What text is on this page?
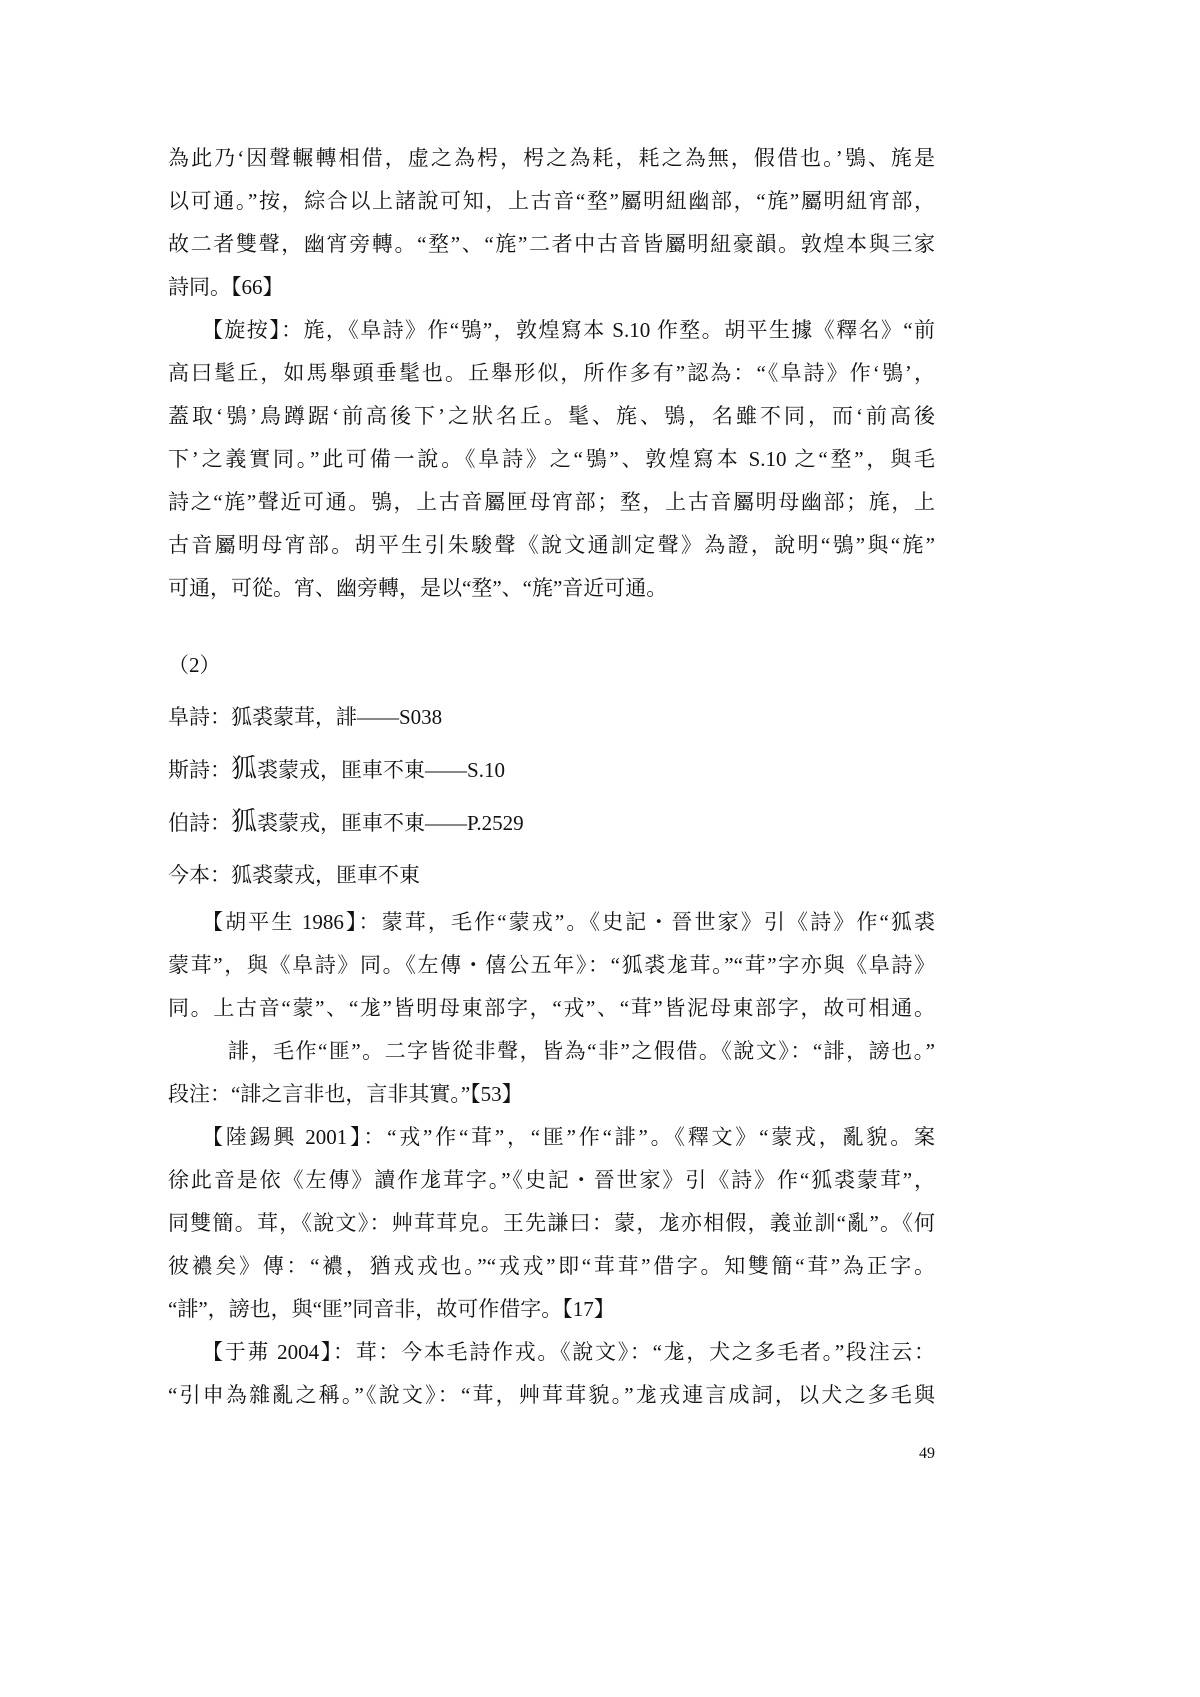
為此乃‘因聲輾轉相借，虚之為枵，枵之為耗，耗之為無，假借也。’鴞、旄是
以可通。”按，綜合以上諸說可知，上古音“堥”屬明紐幽部，“旄”屬明紐宵部，
故二者雙聲，幽宵旁轉。“堥”、“旄”二者中古音皆屬明紐豪韻。敦煌本與三家
詩同。【66】
【旋按】：旄，《阜詩》作“鴞”，敦煌寫本 S.10 作堥。胡平生據《釋名》“前
高曰髦丘，如馬舉頭垂髦也。丘舉形似，所作多有”認為：“《阜詩》作‘鴞’，
蓋取‘鴞’鳥蹲踞‘前高後下’之狀名丘。髦、旄、鴞，名雖不同，而‘前高後
下’之義實同。”此可備一說。《阜詩》之“鴞”、敦煌寫本 S.10 之“堥”，與毛
詩之“旄”聲近可通。鴞，上古音屬匣母宵部；堥，上古音屬明母幽部；旄，上
古音屬明母宵部。胡平生引朱駿聲《說文通訓定聲》為證，說明“鴞”與“旄”
可通，可從。宵、幽旁轉，是以“堥”、“旄”音近可通。
（2）
阜詩：狐裘蒙茸，誹——S038
斯詩：狐裘蒙戎，匪車不東——S.10
伯詩：狐裘蒙戎，匪車不東——P.2529
今本：狐裘蒙戎，匪車不東
【胡平生 1986】：蒙茸，毛作“蒙戎”。《史記・晉世家》引《詩》作“狐裘
蒙茸”，與《阜詩》同。《左傳・僖公五年》：“狐裘尨茸。”“茸”字亦與《阜詩》
同。上古音“蒙”、“尨”皆明母東部字，“戎”、“茸”皆泥母東部字，故可相通。
誹，毛作“匪”。二字皆從非聲，皆為“非”之假借。《說文》：“誹，謗也。”
段注：“誹之言非也，言非其實。”【53】
【陸錫興 2001】：“戎”作“茸”，“匪”作“誹”。《釋文》“蒙戎，亂貌。案
徐此音是依《左傳》讀作尨茸字。”《史記・晉世家》引《詩》作“狐裘蒙茸”，
同雙簡。茸，《說文》：艸茸茸皃。王先謙曰：蒙，尨亦相假，義並訓“亂”。《何
彼襛矣》傳：“襛，猶戎戎也。”“戎戎”即“茸茸”借字。知雙簡“茸”為正字。
“誹”，謗也，與“匪”同音非，故可作借字。【17】
【于茀 2004】：茸：今本毛詩作戎。《說文》：“尨，犬之多毛者。”段注云：
“引申為雜亂之稱。”《說文》：“茸，艸茸茸貌。”尨戎連言成詞，以犬之多毛與
49
